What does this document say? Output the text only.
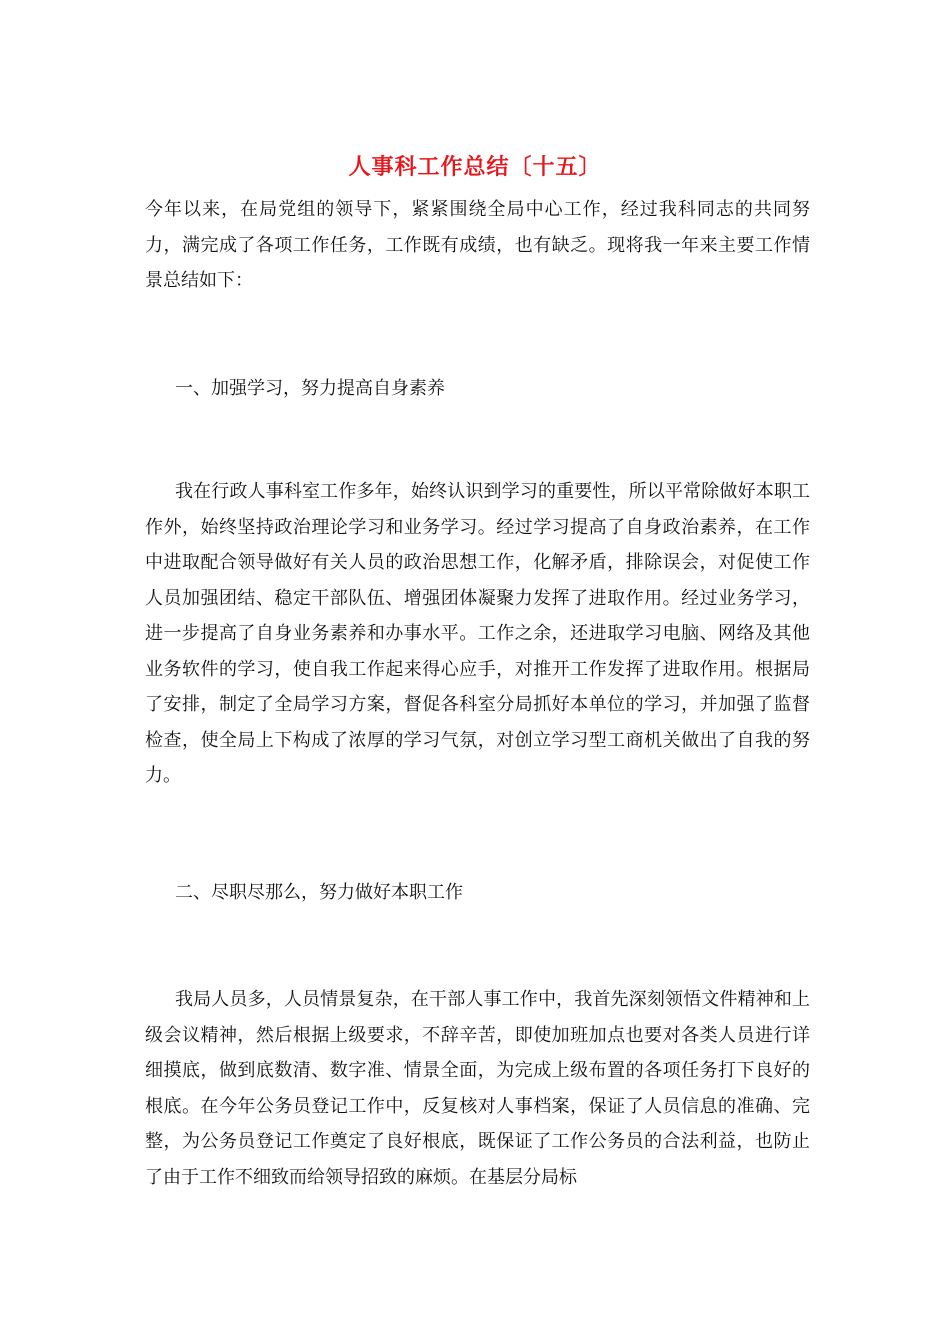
人事科工作总结〔十五〕

今年以来，在局党组的领导下，紧紧围绕全局中心工作，经过我科同志的共同努力，满完成了各项工作任务，工作既有成绩，也有缺乏。现将我一年来主要工作情景总结如下：

一、加强学习，努力提高自身素养

我在行政人事科室工作多年，始终认识到学习的重要性，所以平常除做好本职工作外，始终坚持政治理论学习和业务学习。经过学习提高了自身政治素养，在工作中进取配合领导做好有关人员的政治思想工作，化解矛盾，排除误会，对促使工作人员加强团结、稳定干部队伍、增强团体凝聚力发挥了进取作用。经过业务学习，进一步提高了自身业务素养和办事水平。工作之余，还进取学习电脑、网络及其他业务软件的学习，使自我工作起来得心应手，对推开工作发挥了进取作用。根据局了安排，制定了全局学习方案，督促各科室分局抓好本单位的学习，并加强了监督检查，使全局上下构成了浓厚的学习气氛，对创立学习型工商机关做出了自我的努力。

二、尽职尽那么，努力做好本职工作

我局人员多，人员情景复杂，在干部人事工作中，我首先深刻领悟文件精神和上级会议精神，然后根据上级要求，不辞辛苦，即使加班加点也要对各类人员进行详细摸底，做到底数清、数字准、情景全面，为完成上级布置的各项任务打下良好的根底。在今年公务员登记工作中，反复核对人事档案，保证了人员信息的准确、完整，为公务员登记工作奠定了良好根底，既保证了工作公务员的合法利益，也防止了由于工作不细致而给领导招致的麻烦。在基层分局标
